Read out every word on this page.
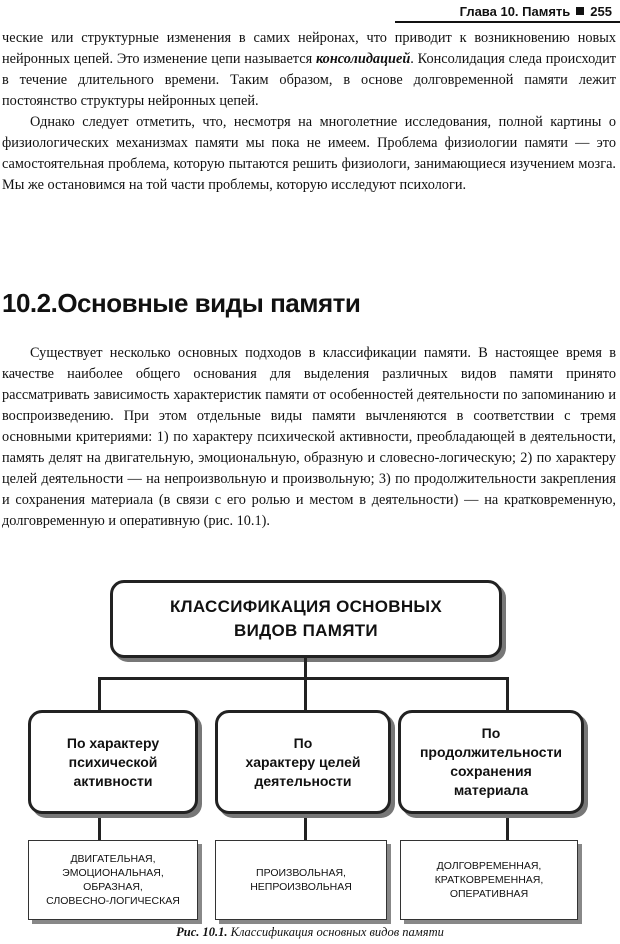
Глава 10. Память 255

ческие или структурные изменения в самих нейронах, что приводит к возникновению новых нейронных цепей. Это изменение цепи называется консолидацией. Консолидация следа происходит в течение длительного времени. Таким образом, в основе долговременной памяти лежит постоянство структуры нейронных цепей.

Однако следует отметить, что, несмотря на многолетние исследования, полной картины о физиологических механизмах памяти мы пока не имеем. Проблема физиологии памяти — это самостоятельная проблема, которую пытаются решить физиологи, занимающиеся изучением мозга. Мы же остановимся на той части проблемы, которую исследуют психологи.

10.2.Основные виды памяти

Существует несколько основных подходов в классификации памяти. В настоящее время в качестве наиболее общего основания для выделения различных видов памяти принято рассматривать зависимость характеристик памяти от особенностей деятельности по запоминанию и воспроизведению. При этом отдельные виды памяти вычленяются в соответствии с тремя основными критериями: 1) по характеру психической активности, преобладающей в деятельности, память делят на двигательную, эмоциональную, образную и словесно-логическую; 2) по характеру целей деятельности — на непроизвольную и произвольную; 3) по продолжительности закрепления и сохранения материала (в связи с его ролью и местом в деятельности) — на кратковременную, долговременную и оперативную (рис. 10.1).

КЛАССИФИКАЦИЯ ОСНОВНЫХ
ВИДОВ ПАМЯТИ
По характеру
психической
активности
По
характеру целей
деятельности
По
продолжительности
сохранения
материала
ДВИГАТЕЛЬНАЯ,
ЭМОЦИОНАЛЬНАЯ,
ОБРАЗНАЯ,
СЛОВЕСНО-ЛОГИЧЕСКАЯ
ПРОИЗВОЛЬНАЯ,
НЕПРОИЗВОЛЬНАЯ
ДОЛГОВРЕМЕННАЯ,
КРАТКОВРЕМЕННАЯ,
ОПЕРАТИВНАЯ
Рис. 10.1. Классификация основных видов памяти
